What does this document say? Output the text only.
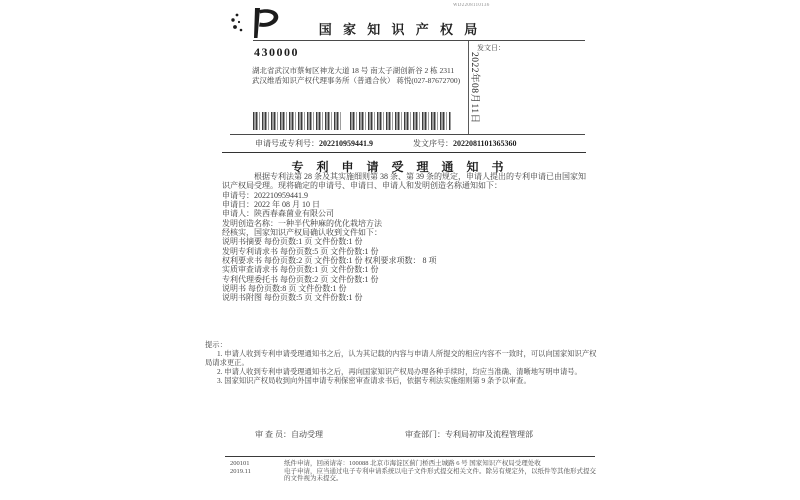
国 家 知 识 产 权 局
WD2208110136
430000
湖北省武汉市蔡甸区神龙大道 18 号 南太子湖创新谷 2 栋 2311
武汉维盾知识产权代理事务所（普通合伙） 蒋悦(027-87672700)
发文日：
2022年08月11日
申请号或专利号：202210959441.9	发文序号：2022081101365360
专 利 申 请 受 理 通 知 书

根据专利法第 28 条及其实施细则第 38 条、第 39 条的规定，申请人提出的专利申请已由国家知识产权局受理。现将确定的申请号、申请日、申请人和发明创造名称通知如下：

申请号：202210959441.9

申请日：2022 年 08 月 10 日

申请人：陕西春森菌业有限公司

发明创造名称：一种半代种麻的优化栽培方法

经核实，国家知识产权局确认收到文件如下：

说明书摘要 每份页数:1 页 文件份数:1 份

发明专利请求书 每份页数:5 页 文件份数:1 份

权利要求书 每份页数:2 页 文件份数:1 份 权利要求项数： 8 项

实质审查请求书 每份页数:1 页 文件份数:1 份

专利代理委托书 每份页数:2 页 文件份数:1 份

说明书 每份页数:8 页 文件份数:1 份

说明书附图 每份页数:5 页 文件份数:1 份

提示：

1. 申请人收到专利申请受理通知书之后，认为其记载的内容与申请人所提交的相应内容不一致时，可以向国家知识产权局请求更正。

2. 申请人收到专利申请受理通知书之后，再向国家知识产权局办理各种手续时，均应当准确、清晰地写明申请号。

3. 国家知识产权局收到向外国申请专利保密审查请求书后，依据专利法实施细则第 9 条予以审查。

审 查 员：自动受理	审查部门：专利局初审及流程管理部
200101	纸件申请，回函请寄：100088 北京市海淀区蓟门桥西土城路 6 号 国家知识产权局受理处收
2019.11	电子申请，应当通过电子专利申请系统以电子文件形式提交相关文件。除另有规定外，以纸件等其他形式提交的文件视为未提交。
